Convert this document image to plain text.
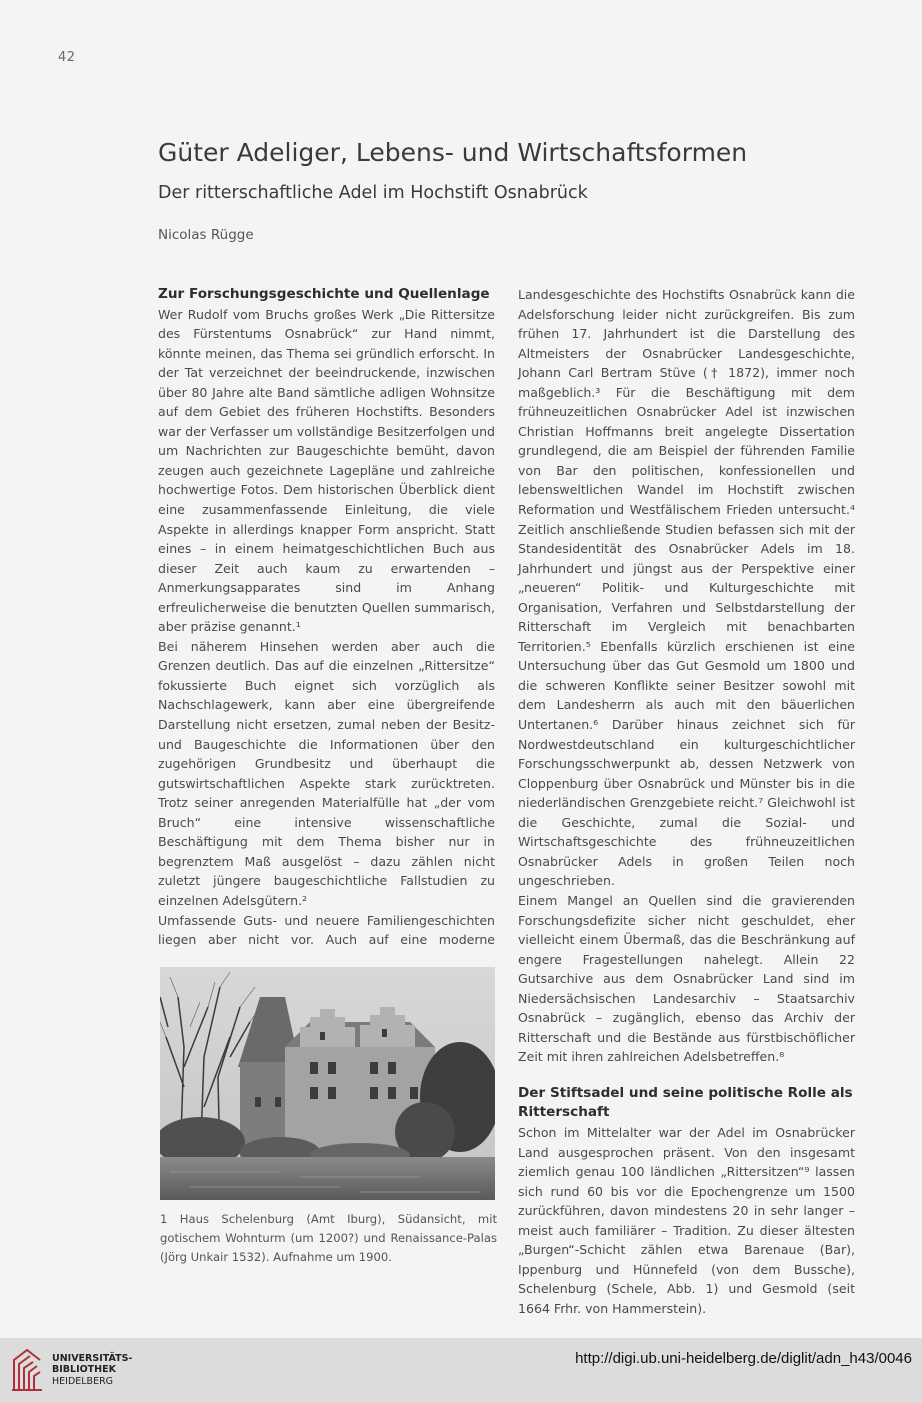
42
Güter Adeliger, Lebens- und Wirtschaftsformen
Der ritterschaftliche Adel im Hochstift Osnabrück
Nicolas Rügge
Zur Forschungsgeschichte und Quellenlage

Wer Rudolf vom Bruchs großes Werk „Die Rittersitze des Fürstentums Osnabrück“ zur Hand nimmt, könnte meinen, das Thema sei gründlich erforscht. In der Tat verzeichnet der beeindruckende, inzwischen über 80 Jahre alte Band sämtliche adligen Wohnsitze auf dem Gebiet des früheren Hochstifts. Besonders war der Verfasser um vollständige Besitzerfolgen und um Nachrichten zur Baugeschichte bemüht, davon zeugen auch gezeichnete Lagepläne und zahlreiche hochwertige Fotos. Dem historischen Überblick dient eine zusammenfassende Einleitung, die viele Aspekte in allerdings knapper Form anspricht. Statt eines – in einem heimatgeschichtlichen Buch aus dieser Zeit auch kaum zu erwartenden – Anmerkungsapparates sind im Anhang erfreulicherweise die benutzten Quellen summarisch, aber präzise genannt.¹

Bei näherem Hinsehen werden aber auch die Grenzen deutlich. Das auf die einzelnen „Rittersitze“ fokussierte Buch eignet sich vorzüglich als Nachschlagewerk, kann aber eine übergreifende Darstellung nicht ersetzen, zumal neben der Besitz- und Baugeschichte die Informationen über den zugehörigen Grundbesitz und überhaupt die gutswirtschaftlichen Aspekte stark zurücktreten. Trotz seiner anregenden Materialfülle hat „der vom Bruch“ eine intensive wissenschaftliche Beschäftigung mit dem Thema bisher nur in begrenztem Maß ausgelöst – dazu zählen nicht zuletzt jüngere baugeschichtliche Fallstudien zu einzelnen Adelsgütern.²

Umfassende Guts- und neuere Familiengeschichten liegen aber nicht vor. Auch auf eine moderne

Landesgeschichte des Hochstifts Osnabrück kann die Adelsforschung leider nicht zurückgreifen. Bis zum frühen 17. Jahrhundert ist die Darstellung des Altmeisters der Osnabrücker Landesgeschichte, Johann Carl Bertram Stüve († 1872), immer noch maßgeblich.³ Für die Beschäftigung mit dem frühneuzeitlichen Osnabrücker Adel ist inzwischen Christian Hoffmanns breit angelegte Dissertation grundlegend, die am Beispiel der führenden Familie von Bar den politischen, konfessionellen und lebensweltlichen Wandel im Hochstift zwischen Reformation und Westfälischem Frieden untersucht.⁴ Zeitlich anschließende Studien befassen sich mit der Standesidentität des Osnabrücker Adels im 18. Jahrhundert und jüngst aus der Perspektive einer „neueren“ Politik- und Kulturgeschichte mit Organisation, Verfahren und Selbstdarstellung der Ritterschaft im Vergleich mit benachbarten Territorien.⁵ Ebenfalls kürzlich erschienen ist eine Untersuchung über das Gut Gesmold um 1800 und die schweren Konflikte seiner Besitzer sowohl mit dem Landesherrn als auch mit den bäuerlichen Untertanen.⁶ Darüber hinaus zeichnet sich für Nordwestdeutschland ein kulturgeschichtlicher Forschungsschwerpunkt ab, dessen Netzwerk von Cloppenburg über Osnabrück und Münster bis in die niederländischen Grenzgebiete reicht.⁷ Gleichwohl ist die Geschichte, zumal die Sozial- und Wirtschaftsgeschichte des frühneuzeitlichen Osnabrücker Adels in großen Teilen noch ungeschrieben.

Einem Mangel an Quellen sind die gravierenden Forschungsdefizite sicher nicht geschuldet, eher vielleicht einem Übermaß, das die Beschränkung auf engere Fragestellungen nahelegt. Allein 22 Gutsarchive aus dem Osnabrücker Land sind im Niedersächsischen Landesarchiv – Staatsarchiv Osnabrück – zugänglich, ebenso das Archiv der Ritterschaft und die Bestände aus fürstbischöflicher Zeit mit ihren zahlreichen Adelsbetreffen.⁸

Der Stiftsadel und seine politische Rolle als Ritterschaft

Schon im Mittelalter war der Adel im Osnabrücker Land ausgesprochen präsent. Von den insgesamt ziemlich genau 100 ländlichen „Rittersitzen“⁹ lassen sich rund 60 bis vor die Epochengrenze um 1500 zurückführen, davon mindestens 20 in sehr langer – meist auch familiärer – Tradition. Zu dieser ältesten „Burgen“-Schicht zählen etwa Barenaue (Bar), Ippenburg und Hünnefeld (von dem Bussche), Schelenburg (Schele, Abb. 1) und Gesmold (seit 1664 Frhr. von Hammerstein).

1 Haus Schelenburg (Amt Iburg), Südansicht, mit gotischem Wohnturm (um 1200?) und Renaissance-Palas (Jörg Unkair 1532). Aufnahme um 1900.
UNIVERSITÄTS-
BIBLIOTHEK
HEIDELBERG
http://digi.ub.uni-heidelberg.de/diglit/adn_h43/0046
